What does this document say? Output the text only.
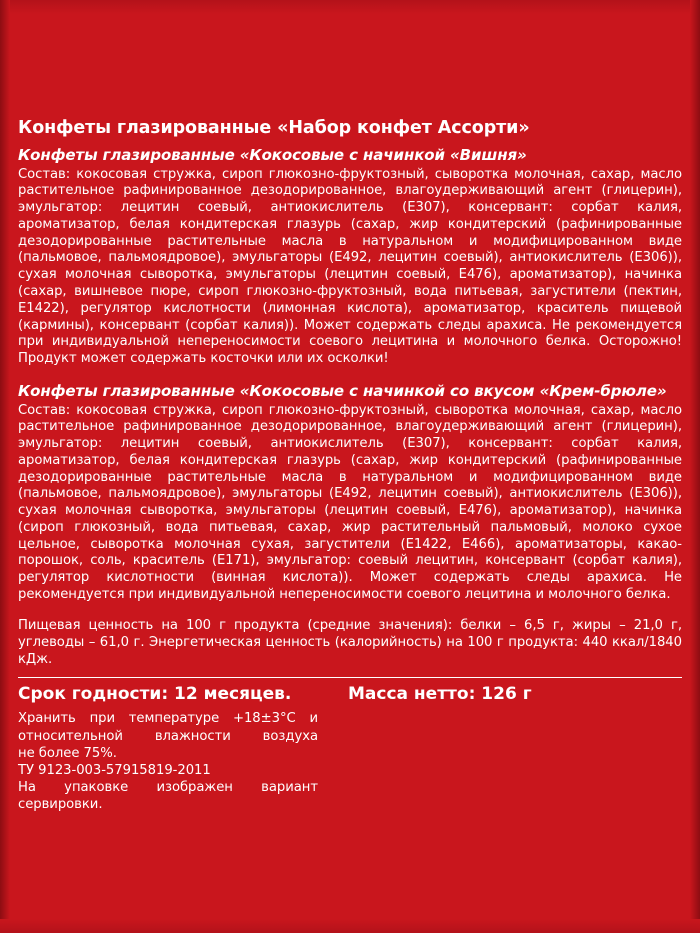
Конфеты глазированные «Набор конфет Ассорти»
Конфеты глазированные «Кокосовые с начинкой «Вишня»

Состав: кокосовая стружка, сироп глюкозно-фруктозный, сыворотка молочная, сахар, масло растительное рафинированное дезодорированное, влагоудерживающий агент (глицерин), эмульгатор: лецитин соевый, антиокислитель (Е307), консервант: сорбат калия, ароматизатор, белая кондитерская глазурь (сахар, жир кондитерский (рафинированные дезодорированные растительные масла в натуральном и модифицированном виде (пальмовое, пальмоядровое), эмульгаторы (Е492, лецитин соевый), антиокислитель (Е306)), сухая молочная сыворотка, эмульгаторы (лецитин соевый, Е476), ароматизатор), начинка (сахар, вишневое пюре, сироп глюкозно-фруктозный, вода питьевая, загустители (пектин, Е1422), регулятор кислотности (лимонная кислота), ароматизатор, краситель пищевой (кармины), консервант (сорбат калия)). Может содержать следы арахиса. Не рекомендуется при индивидуальной непереносимости соевого лецитина и молочного белка. Осторожно! Продукт может содержать косточки или их осколки!

Конфеты глазированные «Кокосовые с начинкой со вкусом «Крем-брюле»

Состав: кокосовая стружка, сироп глюкозно-фруктозный, сыворотка молочная, сахар, масло растительное рафинированное дезодорированное, влагоудерживающий агент (глицерин), эмульгатор: лецитин соевый, антиокислитель (Е307), консервант: сорбат калия, ароматизатор, белая кондитерская глазурь (сахар, жир кондитерский (рафинированные дезодорированные растительные масла в натуральном и модифицированном виде (пальмовое, пальмоядровое), эмульгаторы (Е492, лецитин соевый), антиокислитель (Е306)), сухая молочная сыворотка, эмульгаторы (лецитин соевый, Е476), ароматизатор), начинка (сироп глюкозный, вода питьевая, сахар, жир растительный пальмовый, молоко сухое цельное, сыворотка молочная сухая, загустители (Е1422, Е466), ароматизаторы, какао-порошок, соль, краситель (Е171), эмульгатор: соевый лецитин, консервант (сорбат калия), регулятор кислотности (винная кислота)). Может содержать следы арахиса. Не рекомендуется при индивидуальной непереносимости соевого лецитина и молочного белка.

Пищевая ценность на 100 г продукта (средние значения): белки – 6,5 г, жиры – 21,0 г, углеводы – 61,0 г. Энергетическая ценность (калорийность) на 100 г продукта: 440 ккал/1840 кДж.

Срок годности: 12 месяцев.	Масса нетто: 126 г
Хранить при температуре +18±3°С и
относительной влажности воздуха
не более 75%.
ТУ 9123-003-57915819-2011
На упаковке изображен вариант
сервировки.
